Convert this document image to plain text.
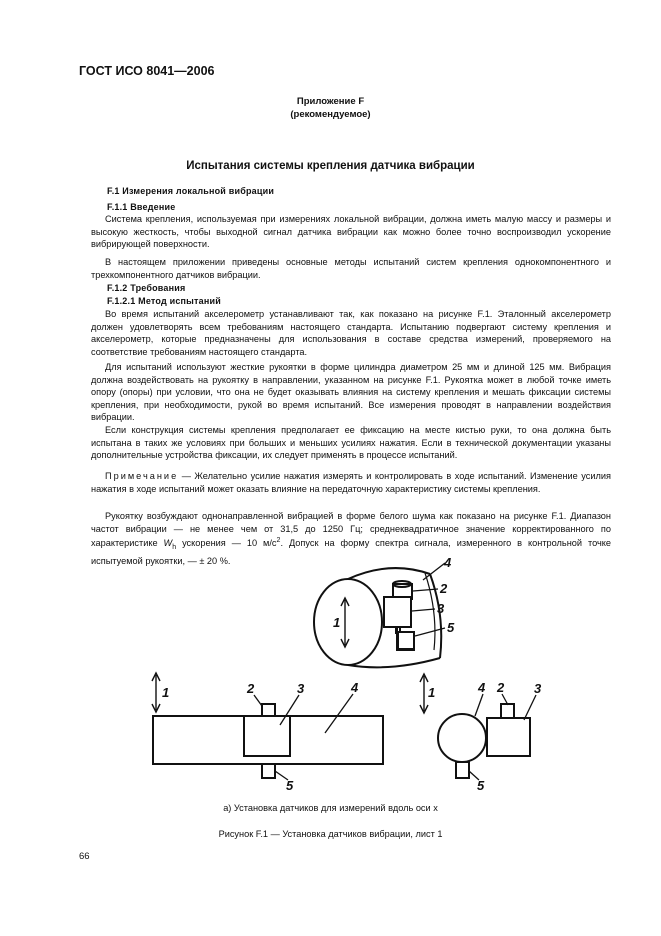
ГОСТ ИСО 8041—2006
Приложение F
(рекомендуемое)
Испытания системы крепления датчика вибрации
F.1 Измерения локальной вибрации
F.1.1 Введение
Система крепления, используемая при измерениях локальной вибрации, должна иметь малую массу и размеры и высокую жесткость, чтобы выходной сигнал датчика вибрации как можно более точно воспроизводил ускорение вибрирующей поверхности.
В настоящем приложении приведены основные методы испытаний систем крепления однокомпонентного и трехкомпонентного датчиков вибрации.
F.1.2 Требования
F.1.2.1 Метод испытаний
Во время испытаний акселерометр устанавливают так, как показано на рисунке F.1. Эталонный акселерометр должен удовлетворять всем требованиям настоящего стандарта. Испытанию подвергают систему крепления и акселерометр, которые предназначены для использования в составе средства измерений, проверяемого на соответствие требованиям настоящего стандарта.
Для испытаний используют жесткие рукоятки в форме цилиндра диаметром 25 мм и длиной 125 мм. Вибрация должна воздействовать на рукоятку в направлении, указанном на рисунке F.1. Рукоятка может в любой точке иметь опору (опоры) при условии, что она не будет оказывать влияния на систему крепления и мешать фиксации системы крепления, при необходимости, рукой во время испытаний. Все измерения проводят в направлении воздействия вибрации.
Если конструкция системы крепления предполагает ее фиксацию на месте кистью руки, то она должна быть испытана в таких же условиях при больших и меньших усилиях нажатия. Если в технической документации указаны дополнительные устройства фиксации, их следует применять в процессе испытаний.
Примечание — Желательно усилие нажатия измерять и контролировать в ходе испытаний. Изменение усилия нажатия в ходе испытаний может оказать влияние на передаточную характеристику системы крепления.
Рукоятку возбуждают однонаправленной вибрацией в форме белого шума как показано на рисунке F.1. Диапазон частот вибрации — не менее чем от 31,5 до 1250 Гц; среднеквадратичное значение корректированного по характеристике $W_h$ ускорения — 10 $м/с^2$. Допуск на форму спектра сигнала, измеренного в контрольной точке испытуемой рукоятки, — ± 20 %.	4
2
3
5
1
1	2	3	4
5
1	4 2 3
5
а) Установка датчиков для измерений вдоль оси x
Рисунок F.1 — Установка датчиков вибрации, лист 1
66
